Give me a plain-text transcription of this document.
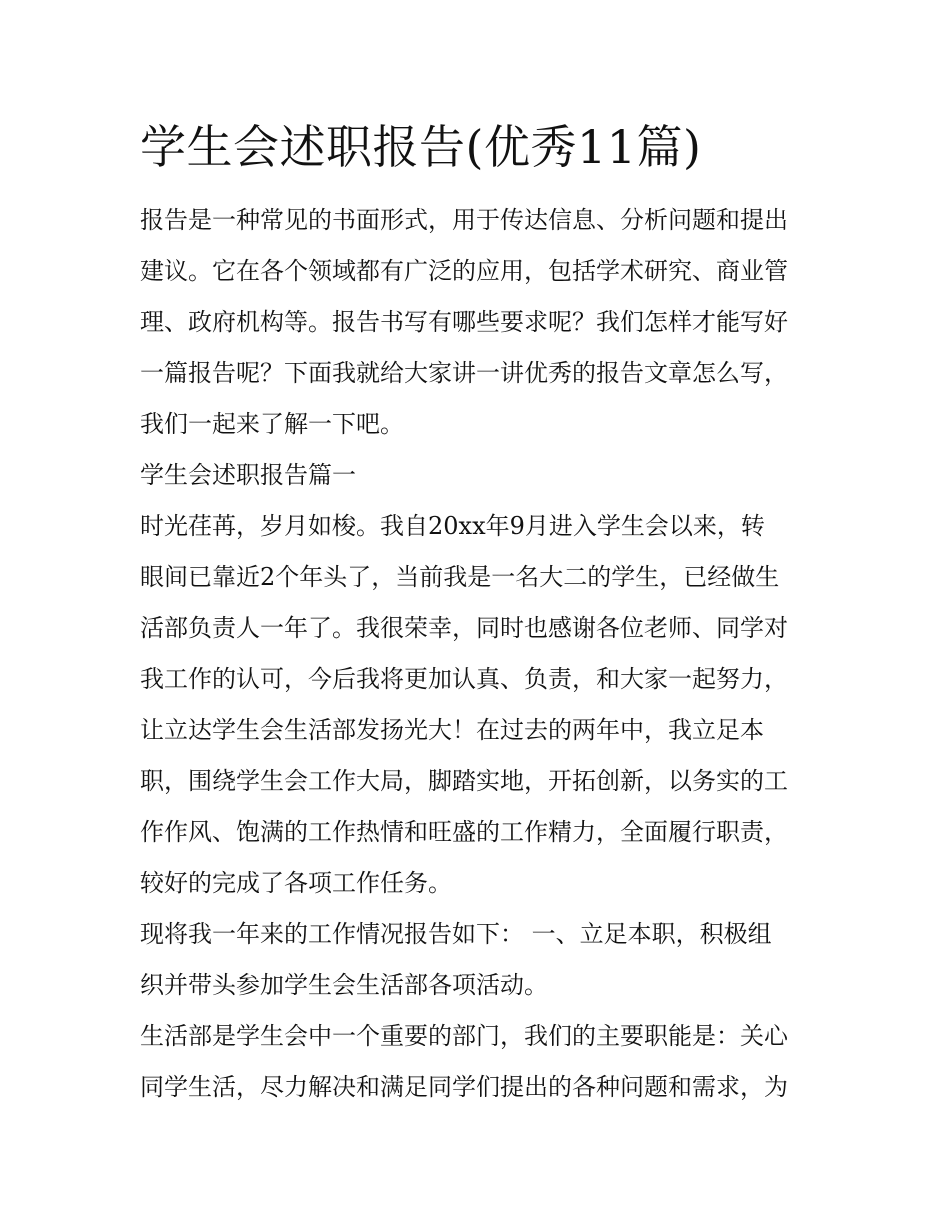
学生会述职报告(优秀11篇)
报告是一种常见的书面形式，用于传达信息、分析问题和提出
建议。它在各个领域都有广泛的应用，包括学术研究、商业管
理、政府机构等。报告书写有哪些要求呢？我们怎样才能写好
一篇报告呢？下面我就给大家讲一讲优秀的报告文章怎么写，
我们一起来了解一下吧。
学生会述职报告篇一
时光荏苒，岁月如梭。我自20xx年9月进入学生会以来，转
眼间已靠近2个年头了，当前我是一名大二的学生，已经做生
活部负责人一年了。我很荣幸，同时也感谢各位老师、同学对
我工作的认可，今后我将更加认真、负责，和大家一起努力，
让立达学生会生活部发扬光大！在过去的两年中，我立足本
职，围绕学生会工作大局，脚踏实地，开拓创新，以务实的工
作作风、饱满的工作热情和旺盛的工作精力，全面履行职责，
较好的完成了各项工作任务。
现将我一年来的工作情况报告如下： 一、立足本职，积极组
织并带头参加学生会生活部各项活动。
生活部是学生会中一个重要的部门，我们的主要职能是：关心
同学生活，尽力解决和满足同学们提出的各种问题和需求，为
